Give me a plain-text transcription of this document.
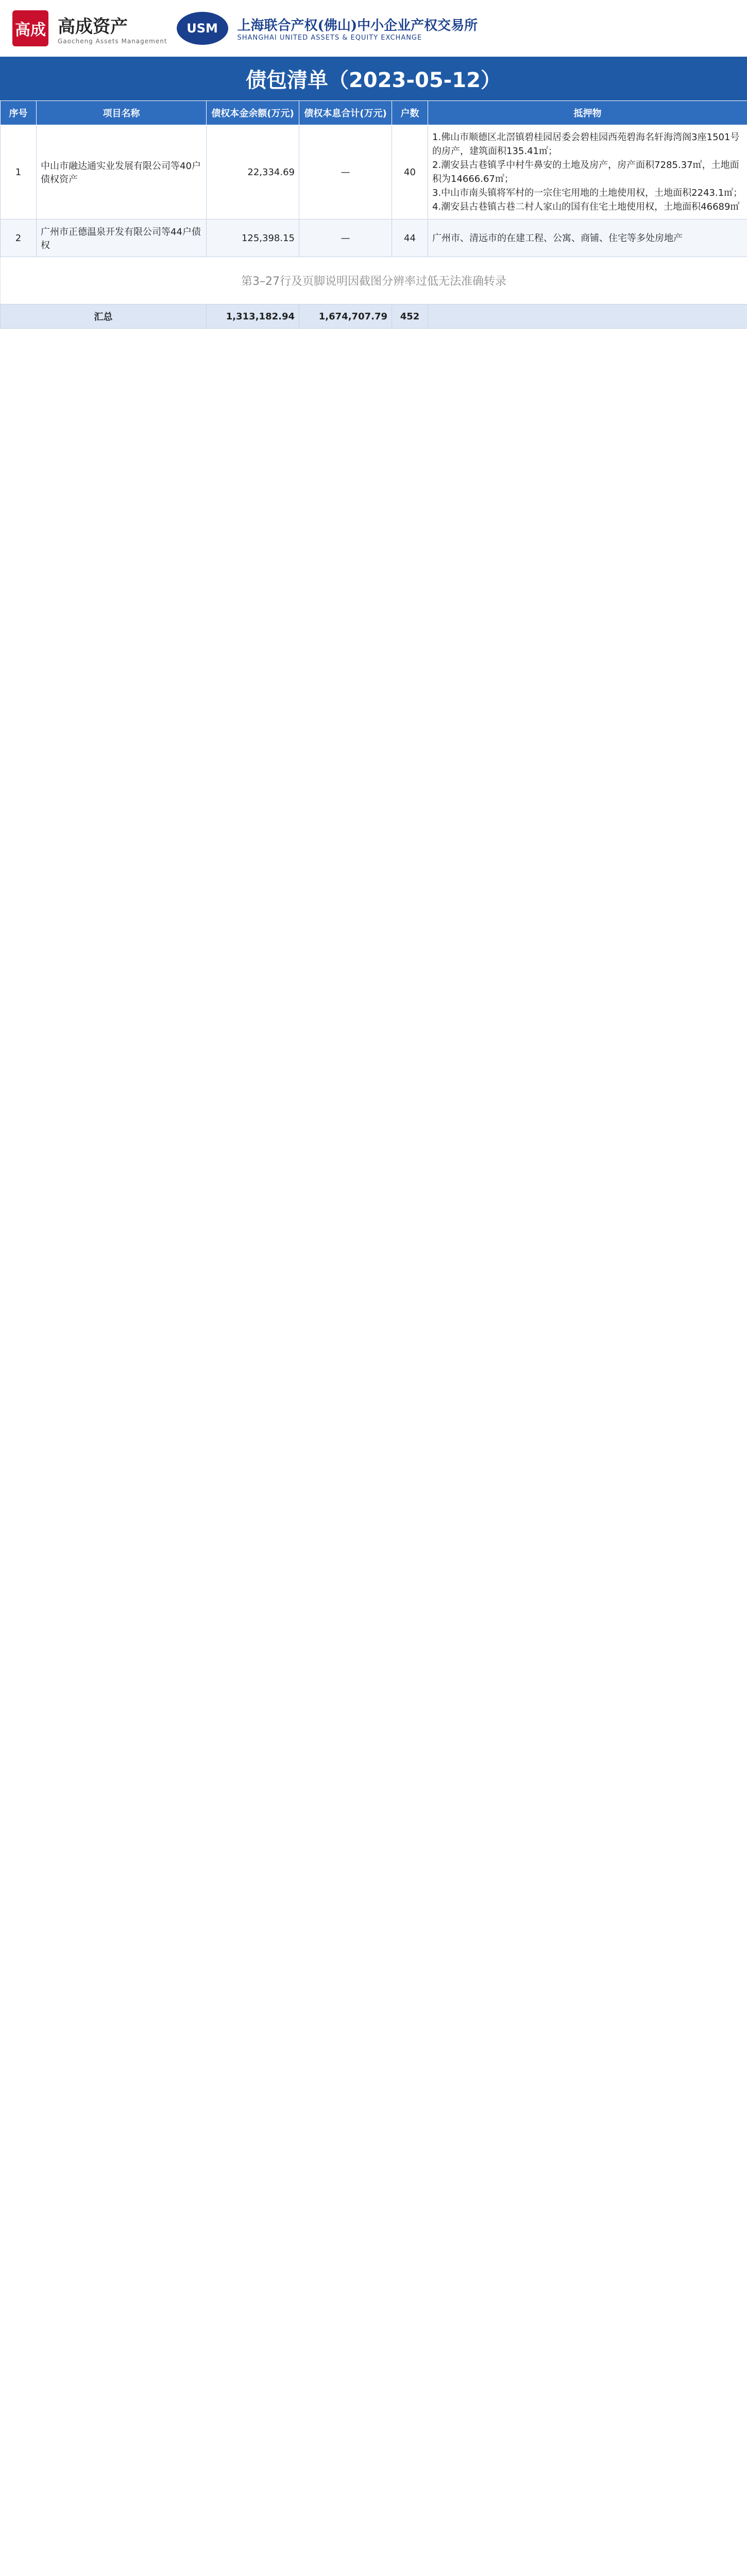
高成 高成资产
Gaocheng Assets Management
USM	上海联合产权(佛山)中小企业产权交易所
SHANGHAI UNITED ASSETS & EQUITY EXCHANGE
债包清单（2023-05-12）
序号	项目名称	债权本金余额(万元)	债权本息合计(万元)	户数	抵押物
1	中山市融达通实业发展有限公司等40户债权资产	22,334.69	—	40	1.佛山市顺德区北滘镇碧桂园居委会碧桂园西苑碧海名轩海湾阁3座1501号的房产，建筑面积135.41㎡；
2.潮安县古巷镇孚中村牛鼻安的土地及房产，房产面积7285.37㎡，土地面积为14666.67㎡；
3.中山市南头镇将军村的一宗住宅用地的土地使用权，土地面积2243.1㎡；
4.潮安县古巷镇古巷二村人家山的国有住宅土地使用权，土地面积46689㎡
2	广州市正德温泉开发有限公司等44户债权	125,398.15	—	44	广州市、清远市的在建工程、公寓、商铺、住宅等多处房地产
第3–27行及页脚说明因截图分辨率过低无法准确转录					
汇总		1,313,182.94	1,674,707.79	452	
